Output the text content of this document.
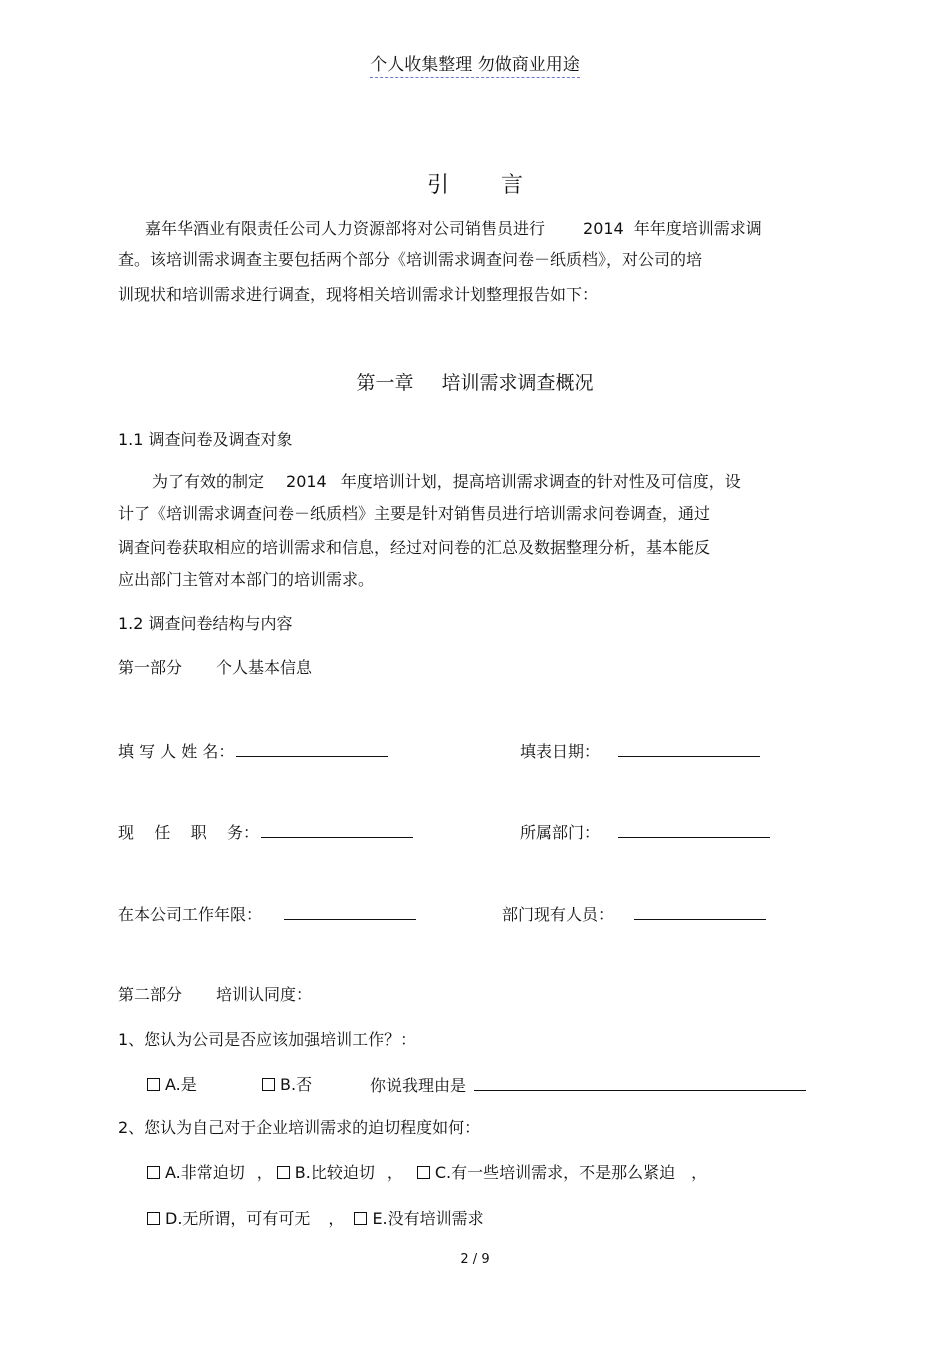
个人收集整理 勿做商业用途
引言
嘉年华酒业有限责任公司人力资源部将对公司销售员进行 2014 年年度培训需求调
查。该培训需求调查主要包括两个部分《培训需求调查问卷－纸质档》，对公司的培
训现状和培训需求进行调查，现将相关培训需求计划整理报告如下：
第一章 培训需求调查概况
1.1 调查问卷及调查对象
为了有效的制定 2014 年度培训计划，提高培训需求调查的针对性及可信度，设
计了《培训需求调查问卷－纸质档》主要是针对销售员进行培训需求问卷调查，通过
调查问卷获取相应的培训需求和信息，经过对问卷的汇总及数据整理分析，基本能反
应出部门主管对本部门的培训需求。
1.2 调查问卷结构与内容
第一部分 个人基本信息
填 写 人 姓 名：	填表日期：
现    任    职    务：	所属部门：
在本公司工作年限：	部门现有人员：
第二部分 培训认同度：
1、您认为公司是否应该加强培训工作？：
A.是	B.否	你说我理由是
2、您认为自己对于企业培训需求的迫切程度如何：
A.非常迫切 ， B.比较迫切 ， C.有一些培训需求，不是那么紧迫 ，
D.无所谓，可有可无 ， E.没有培训需求
2 / 9
